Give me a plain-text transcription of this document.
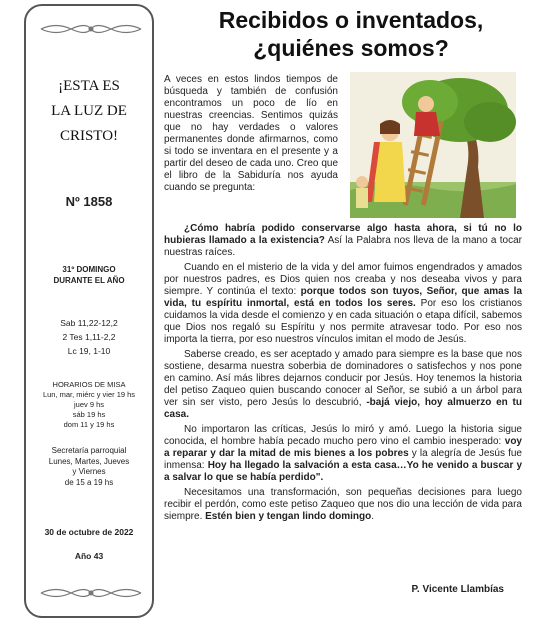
¡ESTA ES
LA LUZ DE
CRISTO!
Nº 1858
31º DOMINGO
DURANTE EL AÑO
Sab 11,22-12,2
2 Tes 1,11-2,2
Lc 19, 1-10
HORARIOS DE MISA
Lun, mar, miérc y vier 19 hs
juev 9 hs
sáb 19 hs
dom 11 y 19 hs
Secretaría parroquial
Lunes, Martes, Jueves
y Viernes
de 15 a 19 hs
30 de octubre de 2022
Año 43
Recibidos o inventados,
¿quiénes somos?
A veces en estos lindos tiempos de búsqueda y también de confusión encontramos un poco de lío en nuestras creencias. Sentimos quizás que no hay verdades o valores permanentes donde afirmarnos, como si todo se inventara en el presente y a partir del deseo de cada uno. Creo que el libro de la Sabiduría nos ayuda cuando se pregunta:

¿Cómo habría podido conservarse algo hasta ahora, si tú no lo hubieras llamado a la existencia? Así la Palabra nos lleva de la mano a tocar nuestras raíces.

Cuando en el misterio de la vida y del amor fuimos engendrados y amados por nuestros padres, es Dios quien nos creaba y nos deseaba vivos y para siempre. Y continúa el texto: porque todos son tuyos, Señor, que amas la vida, tu espíritu inmortal, está en todos los seres. Por eso los cristianos cuidamos la vida desde el comienzo y en cada situación o etapa difícil, sabemos que Dios nos regaló su Espíritu y nos permite atravesar todo. Por eso nos importa la tierra, por eso nuestros vínculos imitan el modo de Jesús.

Saberse creado, es ser aceptado y amado para siempre es la base que nos sostiene, desarma nuestra soberbia de dominadores o satisfechos y nos pone en camino. Así más libres dejarnos conducir por Jesús. Hoy tenemos la historia del petiso Zaqueo quien buscando conocer al Señor, se subió a un árbol para ver sin ser visto, pero Jesús lo descubrió, -bajá viejo, hoy almuerzo en tu casa.

No importaron las críticas, Jesús lo miró y amó. Luego la historia sigue conocida, el hombre había pecado mucho pero vino el cambio inesperado: voy a reparar y dar la mitad de mis bienes a los pobres y la alegría de Jesús fue inmensa: Hoy ha llegado la salvación a esta casa…Yo he venido a buscar y a salvar lo que se había perdido".

Necesitamos una transformación, son pequeñas decisiones para luego recibir el perdón, como este petiso Zaqueo que nos dio una lección de vida para siempre. Estén bien y tengan lindo domingo.

P. Vicente Llambías
